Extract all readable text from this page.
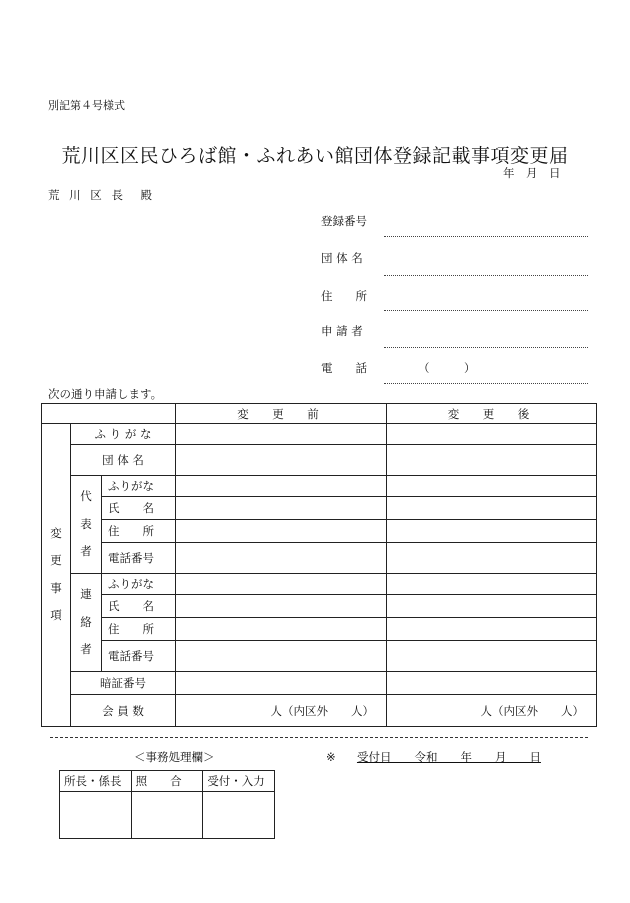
別記第４号様式
荒川区区民ひろば館・ふれあい館団体登録記載事項変更届
年　月　日
荒 川 区 長　殿
登録番号
団 体 名
住　　所
申 請 者
電　　話	（　　　）
次の通り申請します。
			変　更　前	変　更　後
変

更

事

項	ふ り が な			
	団 体 名			
	代

表

者	ふりがな		
		氏　　名		
		住　　所		
		電話番号		
	連

絡

者	ふりがな		
		氏　　名		
		住　　所		
		電話番号		
	暗証番号			
	会 員 数		人（内区外　　人）	人（内区外　　人）
＜事務処理欄＞	※ 受付日　　令和　　年　　月　　日
所長・係長	照　　合	受付・入力
